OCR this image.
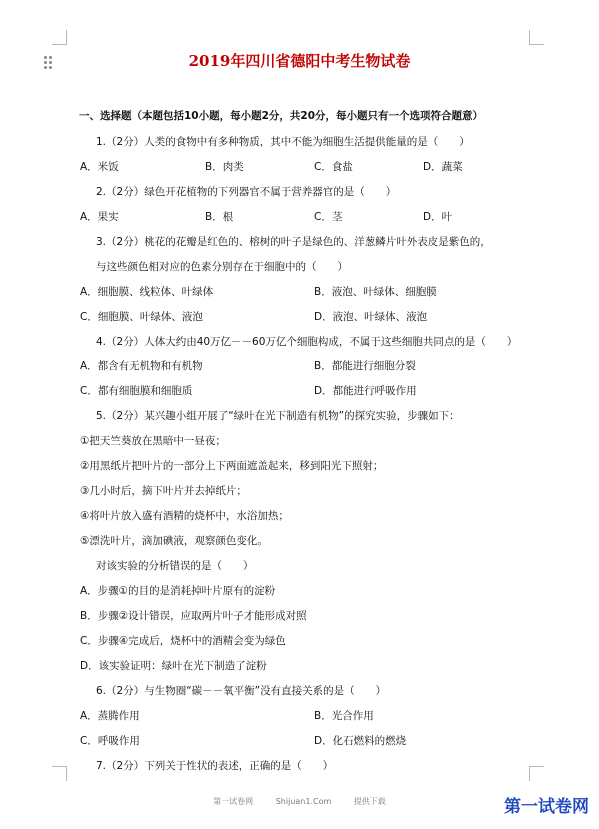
2019年四川省德阳中考生物试卷
一、选择题（本题包括10小题，每小题2分，共20分，每小题只有一个选项符合题意）
1.（2分）人类的食物中有多种物质，其中不能为细胞生活提供能量的是（　　）
A．米饭	B．肉类	C．食盐	D．蔬菜
2.（2分）绿色开花植物的下列器官不属于营养器官的是（　　）
A．果实	B．根	C．茎	D．叶
3.（2分）桃花的花瓣是红色的、榕树的叶子是绿色的、洋葱鳞片叶外表皮是紫色的，
与这些颜色相对应的色素分别存在于细胞中的（　　）
A．细胞膜、线粒体、叶绿体	B．液泡、叶绿体、细胞膜
C．细胞膜、叶绿体、液泡	D．液泡、叶绿体、液泡
4.（2分）人体大约由40万亿－－60万亿个细胞构成，不属于这些细胞共同点的是（　　）
A．都含有无机物和有机物	B．都能进行细胞分裂
C．都有细胞膜和细胞质	D．都能进行呼吸作用
5.（2分）某兴趣小组开展了“绿叶在光下制造有机物”的探究实验，步骤如下：
①把天竺葵放在黑暗中一昼夜；
②用黑纸片把叶片的一部分上下两面遮盖起来，移到阳光下照射；
③几小时后，摘下叶片并去掉纸片；
④将叶片放入盛有酒精的烧杯中，水浴加热；
⑤漂洗叶片，滴加碘液，观察颜色变化。
对该实验的分析错误的是（　　）
A．步骤①的目的是消耗掉叶片原有的淀粉
B．步骤②设计错误，应取两片叶子才能形成对照
C．步骤④完成后，烧杯中的酒精会变为绿色
D．该实验证明：绿叶在光下制造了淀粉
6.（2分）与生物圈“碳－－氧平衡”没有直接关系的是（　　）
A．蒸腾作用	B．光合作用
C．呼吸作用	D．化石燃料的燃烧
7.（2分）下列关于性状的表述，正确的是（　　）
第一试卷网	Shijuan1.Com	提供下载	第一试卷网
